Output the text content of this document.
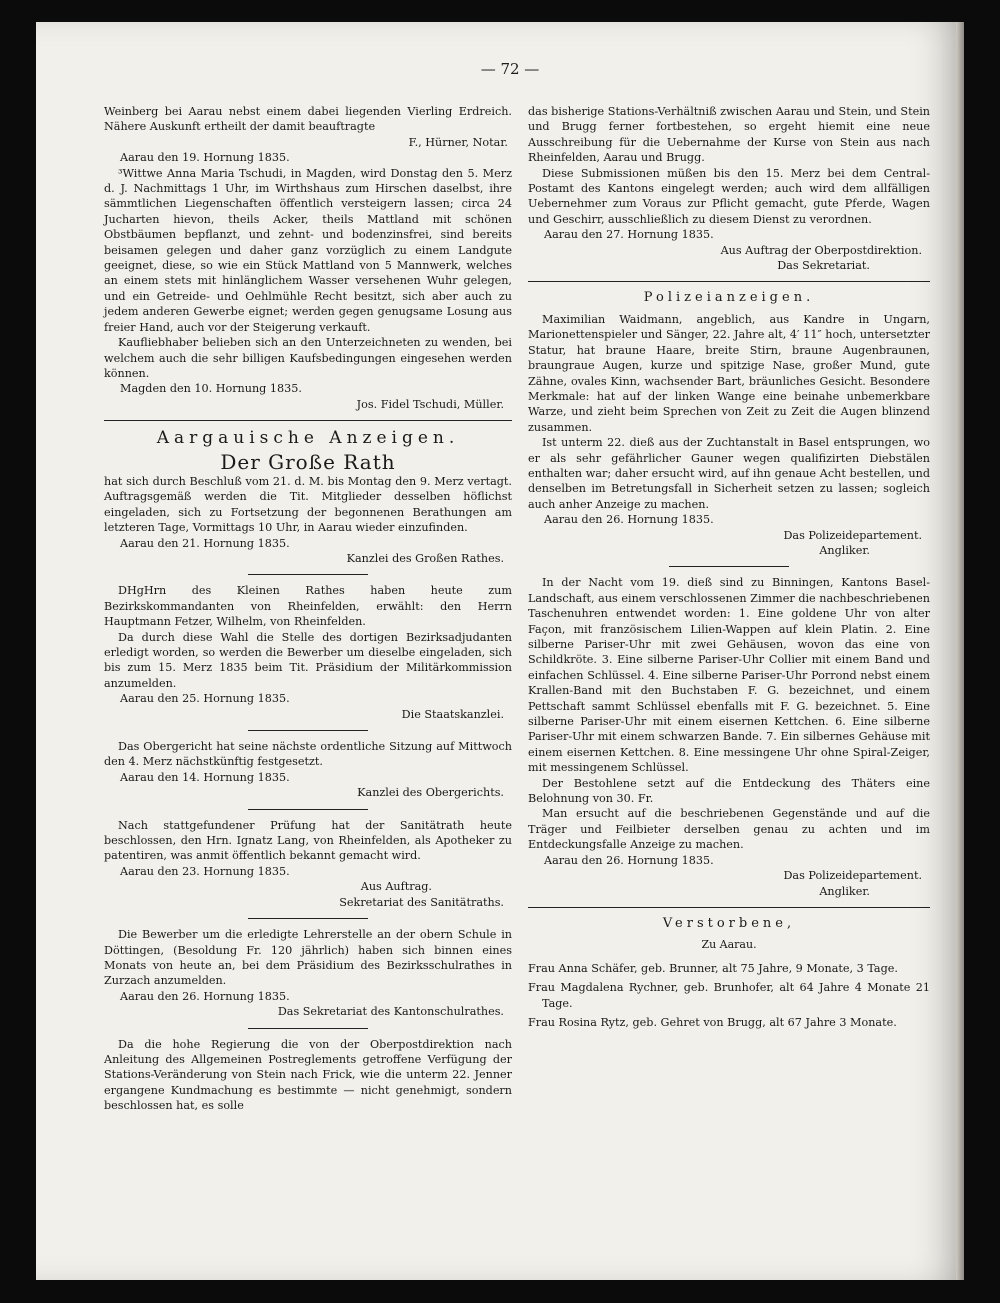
— 72 —

Weinberg bei Aarau nebst einem dabei liegenden Vierling Erdreich. Nähere Auskunft ertheilt der damit beauftragte

F., Hürner, Notar.

Aarau den 19. Hornung 1835.

³Wittwe Anna Maria Tschudi, in Magden, wird Donstag den 5. Merz d. J. Nachmittags 1 Uhr, im Wirthshaus zum Hirschen daselbst, ihre sämmtlichen Liegenschaften öffentlich versteigern lassen; circa 24 Jucharten hievon, theils Acker, theils Mattland mit schönen Obstbäumen bepflanzt, und zehnt- und bodenzinsfrei, sind bereits beisamen gelegen und daher ganz vorzüglich zu einem Landgute geeignet, diese, so wie ein Stück Mattland von 5 Mannwerk, welches an einem stets mit hinlänglichem Wasser versehenen Wuhr gelegen, und ein Getreide- und Oehlmühle Recht besitzt, sich aber auch zu jedem anderen Gewerbe eignet; werden gegen genugsame Losung aus freier Hand, auch vor der Steigerung verkauft.

Kaufliebhaber belieben sich an den Unterzeichneten zu wenden, bei welchem auch die sehr billigen Kaufsbedingungen eingesehen werden können.

Magden den 10. Hornung 1835.

Jos. Fidel Tschudi, Müller.

Aargauische Anzeigen.
Der Große Rath

hat sich durch Beschluß vom 21. d. M. bis Montag den 9. Merz vertagt. Auftragsgemäß werden die Tit. Mitglieder desselben höflichst eingeladen, sich zu Fortsetzung der begonnenen Berathungen am letzteren Tage, Vormittags 10 Uhr, in Aarau wieder einzufinden.

Aarau den 21. Hornung 1835.

Kanzlei des Großen Rathes.

DHgHrn des Kleinen Rathes haben heute zum Bezirkskommandanten von Rheinfelden, erwählt: den Herrn Hauptmann Fetzer, Wilhelm, von Rheinfelden.

Da durch diese Wahl die Stelle des dortigen Bezirksadjudanten erledigt worden, so werden die Bewerber um dieselbe eingeladen, sich bis zum 15. Merz 1835 beim Tit. Präsidium der Militärkommission anzumelden.

Aarau den 25. Hornung 1835.

Die Staatskanzlei.

Das Obergericht hat seine nächste ordentliche Sitzung auf Mittwoch den 4. Merz nächstkünftig festgesetzt.

Aarau den 14. Hornung 1835.

Kanzlei des Obergerichts.

Nach stattgefundener Prüfung hat der Sanitätrath heute beschlossen, den Hrn. Ignatz Lang, von Rheinfelden, als Apotheker zu patentiren, was anmit öffentlich bekannt gemacht wird.

Aarau den 23. Hornung 1835.

Aus Auftrag.

Sekretariat des Sanitätraths.

Die Bewerber um die erledigte Lehrerstelle an der obern Schule in Döttingen, (Besoldung Fr. 120 jährlich) haben sich binnen eines Monats von heute an, bei dem Präsidium des Bezirksschulrathes in Zurzach anzumelden.

Aarau den 26. Hornung 1835.

Das Sekretariat des Kantonschulrathes.

Da die hohe Regierung die von der Oberpostdirektion nach Anleitung des Allgemeinen Postreglements getroffene Verfügung der Stations-Veränderung von Stein nach Frick, wie die unterm 22. Jenner ergangene Kundmachung es bestimmte — nicht genehmigt, sondern beschlossen hat, es solle

das bisherige Stations-Verhältniß zwischen Aarau und Stein, und Stein und Brugg ferner fortbestehen, so ergeht hiemit eine neue Ausschreibung für die Uebernahme der Kurse von Stein aus nach Rheinfelden, Aarau und Brugg.

Diese Submissionen müßen bis den 15. Merz bei dem Central-Postamt des Kantons eingelegt werden; auch wird dem allfälligen Uebernehmer zum Voraus zur Pflicht gemacht, gute Pferde, Wagen und Geschirr, ausschließlich zu diesem Dienst zu verordnen.

Aarau den 27. Hornung 1835.

Aus Auftrag der Oberpostdirektion.

Das Sekretariat.

Polizeianzeigen.

Maximilian Waidmann, angeblich, aus Kandre in Ungarn, Marionettenspieler und Sänger, 22. Jahre alt, 4′ 11″ hoch, untersetzter Statur, hat braune Haare, breite Stirn, braune Augenbraunen, braungraue Augen, kurze und spitzige Nase, großer Mund, gute Zähne, ovales Kinn, wachsender Bart, bräunliches Gesicht. Besondere Merkmale: hat auf der linken Wange eine beinahe unbemerkbare Warze, und zieht beim Sprechen von Zeit zu Zeit die Augen blinzend zusammen.

Ist unterm 22. dieß aus der Zuchtanstalt in Basel entsprungen, wo er als sehr gefährlicher Gauner wegen qualifizirten Diebstälen enthalten war; daher ersucht wird, auf ihn genaue Acht bestellen, und denselben im Betretungsfall in Sicherheit setzen zu lassen; sogleich auch anher Anzeige zu machen.

Aarau den 26. Hornung 1835.

Das Polizeidepartement.

Angliker.

In der Nacht vom 19. dieß sind zu Binningen, Kantons Basel-Landschaft, aus einem verschlossenen Zimmer die nachbeschriebenen Taschenuhren entwendet worden: 1. Eine goldene Uhr von alter Façon, mit französischem Lilien-Wappen auf klein Platin. 2. Eine silberne Pariser-Uhr mit zwei Gehäusen, wovon das eine von Schildkröte. 3. Eine silberne Pariser-Uhr Collier mit einem Band und einfachen Schlüssel. 4. Eine silberne Pariser-Uhr Porrond nebst einem Krallen-Band mit den Buchstaben F. G. bezeichnet, und einem Pettschaft sammt Schlüssel ebenfalls mit F. G. bezeichnet. 5. Eine silberne Pariser-Uhr mit einem eisernen Kettchen. 6. Eine silberne Pariser-Uhr mit einem schwarzen Bande. 7. Ein silbernes Gehäuse mit einem eisernen Kettchen. 8. Eine messingene Uhr ohne Spiral-Zeiger, mit messingenem Schlüssel.

Der Bestohlene setzt auf die Entdeckung des Thäters eine Belohnung von 30. Fr.

Man ersucht auf die beschriebenen Gegenstände und auf die Träger und Feilbieter derselben genau zu achten und im Entdeckungsfalle Anzeige zu machen.

Aarau den 26. Hornung 1835.

Das Polizeidepartement.

Angliker.

Verstorbene,
Zu Aarau.

Frau Anna Schäfer, geb. Brunner, alt 75 Jahre, 9 Monate, 3 Tage.

Frau Magdalena Rychner, geb. Brunhofer, alt 64 Jahre 4 Monate 21 Tage.

Frau Rosina Rytz, geb. Gehret von Brugg, alt 67 Jahre 3 Monate.
